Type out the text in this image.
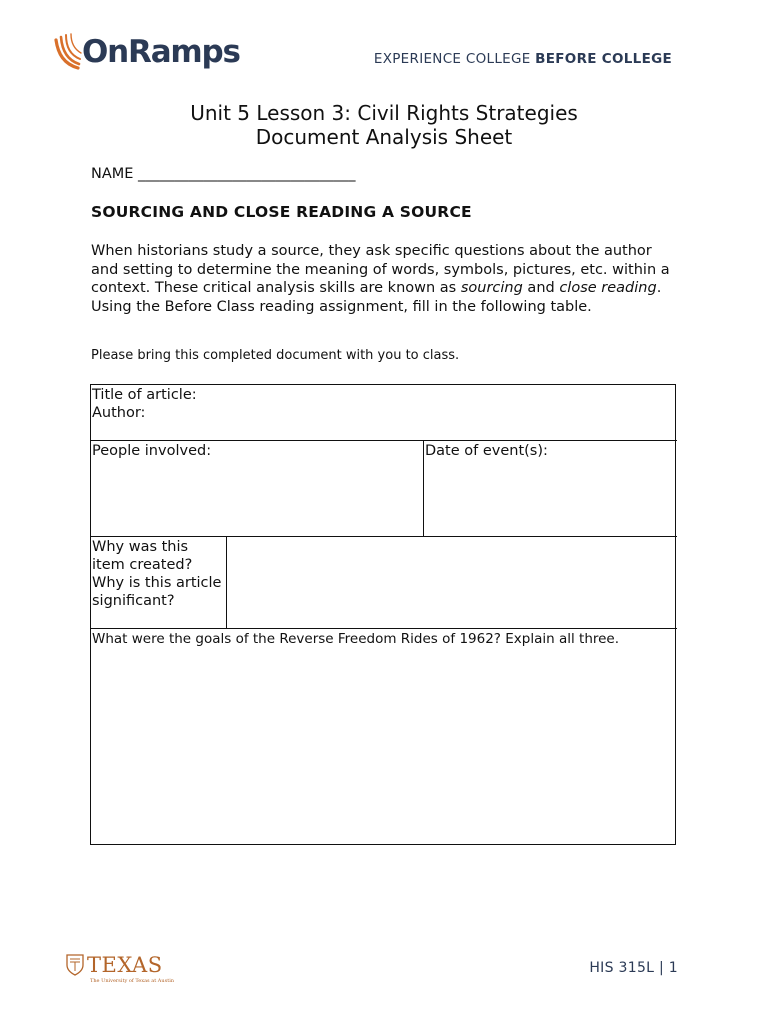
OnRamps	EXPERIENCE COLLEGE BEFORE COLLEGE
Unit 5 Lesson 3: Civil Rights Strategies
Document Analysis Sheet
NAME ______________________________
SOURCING AND CLOSE READING A SOURCE

When historians study a source, they ask specific questions about the author and setting to determine the meaning of words, symbols, pictures, etc. within a context. These critical analysis skills are known as sourcing and close reading. Using the Before Class reading assignment, fill in the following table.

Please bring this completed document with you to class.
Title of article:
Author:
People involved:	Date of event(s):
Why was this item created? Why is this article significant?
What were the goals of the Reverse Freedom Rides of 1962? Explain all three.
TEXAS
The University of Texas at Austin
HIS 315L | 1
